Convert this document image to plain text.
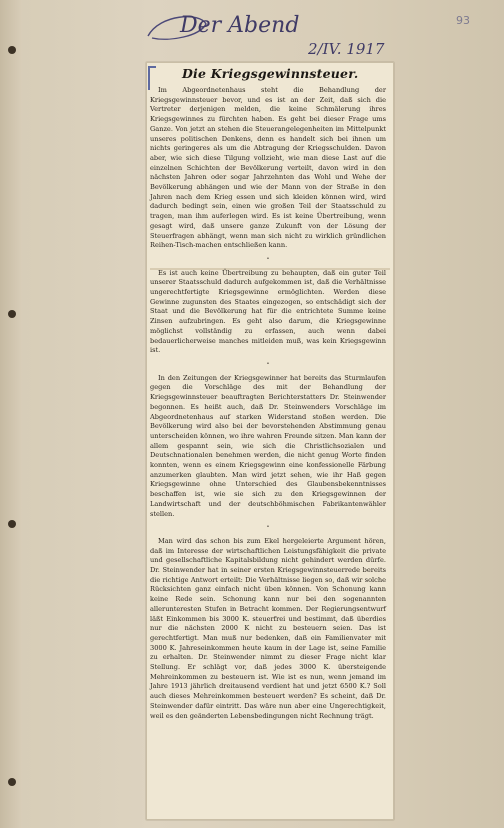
Der Abend
2/IV. 1917
93
Die Kriegsgewinnsteuer.

Im Abgeordnetenhaus steht die Behandlung der Kriegsgewinnsteuer bevor, und es ist an der Zeit, daß sich die Vertreter derjenigen melden, die keine Schmälerung ihres Kriegsgewinnes zu fürchten haben. Es geht bei dieser Frage ums Ganze. Von jetzt an stehen die Steuerangelegenheiten im Mittelpunkt unseres politischen Denkens, denn es handelt sich bei ihnen um nichts geringeres als um die Abtragung der Kriegsschulden. Davon aber, wie sich diese Tilgung vollzieht, wie man diese Last auf die einzelnen Schichten der Bevölkerung verteilt, davon wird in den nächsten Jahren oder sogar Jahrzehnten das Wohl und Wehe der Bevölkerung abhängen und wie der Mann von der Straße in den Jahren nach dem Krieg essen und sich kleiden können wird, wird dadurch bedingt sein, einen wie großen Teil der Staatsschuld zu tragen, man ihm auferlegen wird. Es ist keine Übertreibung, wenn gesagt wird, daß unsere ganze Zukunft von der Lösung der Steuerfragen abhängt, wenn man sich nicht zu wirklich gründlichen Reihen-Tisch-machen entschließen kann.

•

Es ist auch keine Übertreibung zu behaupten, daß ein guter Teil unserer Staatsschuld dadurch aufgekommen ist, daß die Verhältnisse ungerechtfertigte Kriegsgewinne ermöglichten. Werden diese Gewinne zugunsten des Staates eingezogen, so entschädigt sich der Staat und die Bevölkerung hat für die entrichtete Summe keine Zinsen aufzubringen. Es geht also darum, die Kriegsgewinne möglichst vollständig zu erfassen, auch wenn dabei bedauerlicherweise manches mitleiden muß, was kein Kriegsgewinn ist.

•

In den Zeitungen der Kriegsgewinner hat bereits das Sturmlaufen gegen die Vorschläge des mit der Behandlung der Kriegsgewinnsteuer beauftragten Berichterstatters Dr. Steinwender begonnen. Es heißt auch, daß Dr. Steinwenders Vorschläge im Abgeordnetenhaus auf starken Widerstand stoßen werden. Die Bevölkerung wird also bei der bevorstehenden Abstimmung genau unterscheiden können, wo ihre wahren Freunde sitzen. Man kann der allem gespannt sein, wie sich die Christlichsozialen und Deutschnationalen benehmen werden, die nicht genug Worte finden konnten, wenn es einem Kriegsgewinn eine konfessionelle Färbung anzumerken glaubten. Man wird jetzt sehen, wie ihr Haß gegen Kriegsgewinne ohne Unterschied des Glaubensbekenntnisses beschaffen ist, wie sie sich zu den Kriegsgewinnen der Landwirtschaft und der deutschböhmischen Fabrikantenwähler stellen.

•

Man wird das schon bis zum Ekel hergeleierte Argument hören, daß im Interesse der wirtschaftlichen Leistungsfähigkeit die private und gesellschaftliche Kapitalsbildung nicht gehindert werden dürfe. Dr. Steinwender hat in seiner ersten Kriegsgewinnsteuerrede bereits die richtige Antwort erteilt: Die Verhältnisse liegen so, daß wir solche Rücksichten ganz einfach nicht üben können. Von Schonung kann keine Rede sein. Schonung kann nur bei den sogenannten allerunteresten Stufen in Betracht kommen. Der Regierungsentwurf läßt Einkommen bis 3000 K. steuerfrei und bestimmt, daß überdies nur die nächsten 2000 K nicht zu besteuern seien. Das ist gerechtfertigt. Man muß nur bedenken, daß ein Familienvater mit 3000 K. Jahreseinkommen heute kaum in der Lage ist, seine Familie zu erhalten. Dr. Steinwender nimmt zu dieser Frage nicht klar Stellung. Er schlägt vor, daß jedes 3000 K. übersteigende Mehreinkommen zu besteuern ist. Wie ist es nun, wenn jemand im Jahre 1913 jährlich dreitausend verdient hat und jetzt 6500 K.? Soll auch dieses Mehreinkommen besteuert werden? Es scheint, daß Dr. Steinwender dafür eintritt. Das wäre nun aber eine Ungerechtigkeit, weil es den geänderten Lebensbedingungen nicht Rechnung trägt.
